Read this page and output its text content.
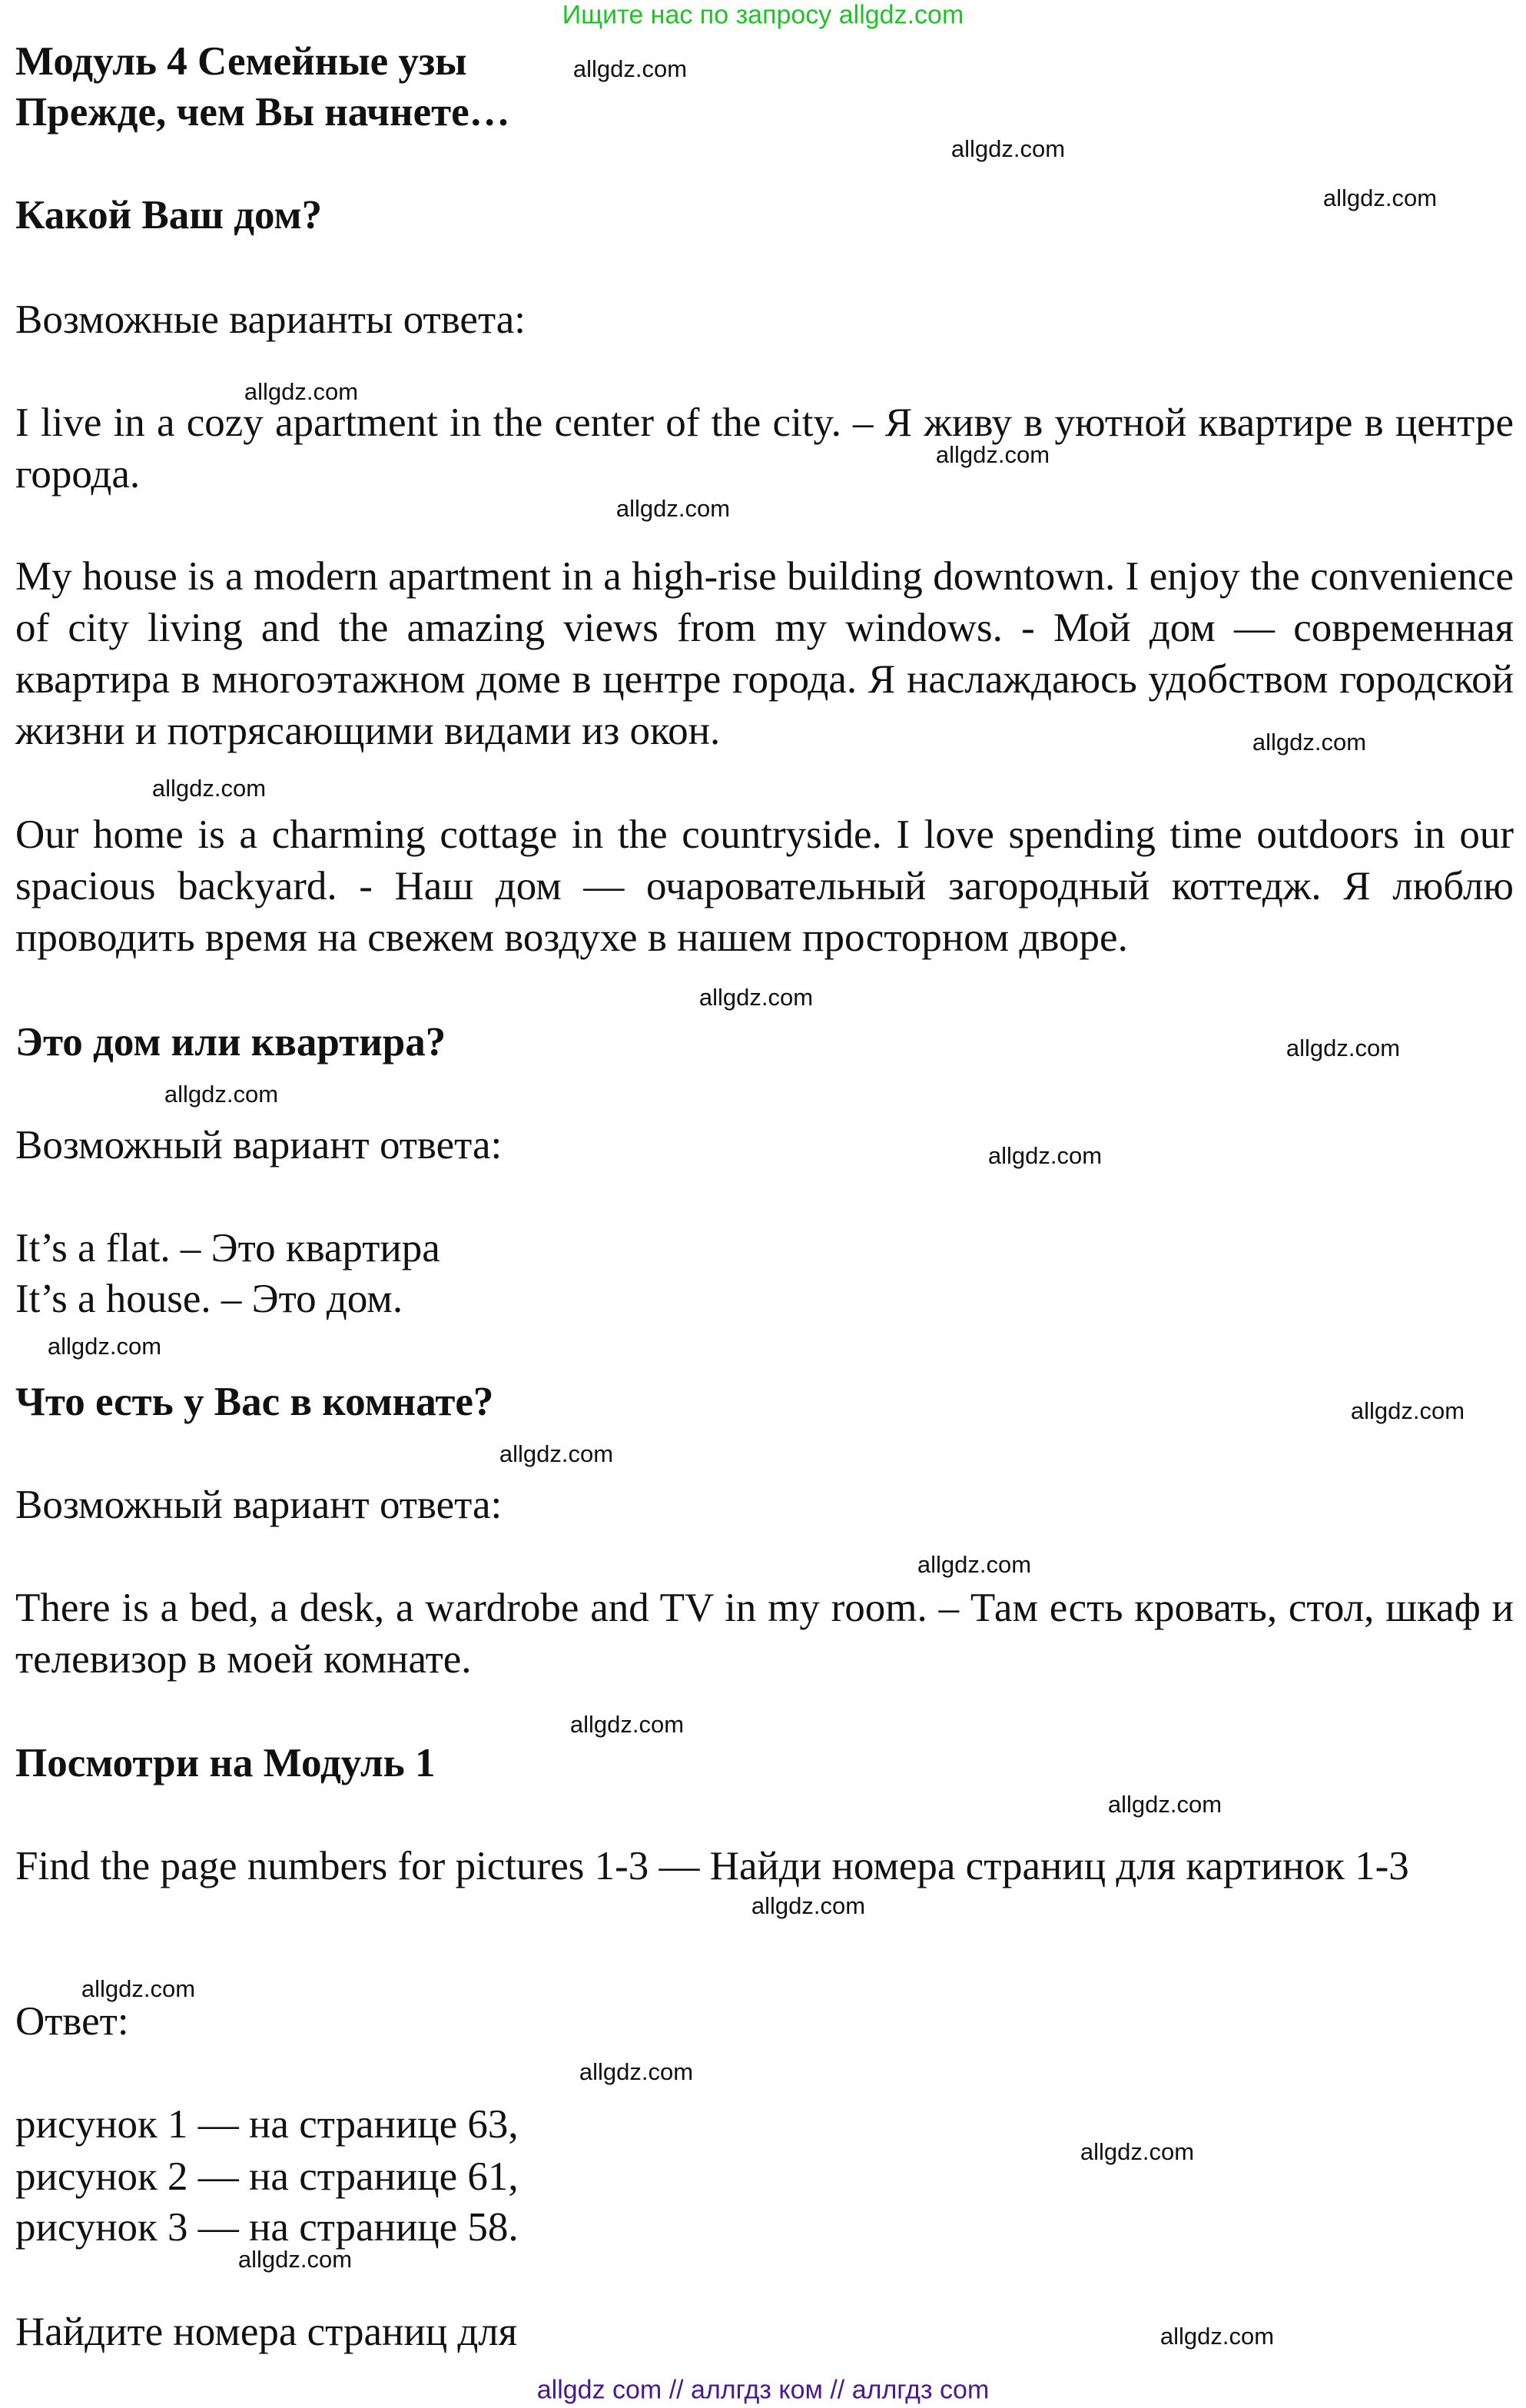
Ищите нас по запросу allgdz.com

Модуль 4 Семейные узы

Прежде, чем Вы начнете…

Какой Ваш дом?

Возможные варианты ответа:

I live in a cozy apartment in the center of the city. – Я живу в уютной квартире в центре города.

My house is a modern apartment in a high-rise building downtown. I enjoy the convenience of city living and the amazing views from my windows. - Мой дом — современная квартира в многоэтажном доме в центре города. Я наслаждаюсь удобством городской жизни и потрясающими видами из окон.

Our home is a charming cottage in the countryside. I love spending time outdoors in our spacious backyard. - Наш дом — очаровательный загородный коттедж. Я люблю проводить время на свежем воздухе в нашем просторном дворе.

Это дом или квартира?

Возможный вариант ответа:

It’s a flat. – Это квартира

It’s a house. – Это дом.

Что есть у Вас в комнате?

Возможный вариант ответа:

There is a bed, a desk, a wardrobe and TV in my room. – Там есть кровать, стол, шкаф и телевизор в моей комнате.

Посмотри на Модуль 1

Find the page numbers for pictures 1-3 — Найди номера страниц для картинок 1-3

Ответ:

рисунок 1 — на странице 63,

рисунок 2 — на странице 61,

рисунок 3 — на странице 58.

Найдите номера страниц для

allgdz.com
allgdz.com
allgdz.com
allgdz.com
allgdz.com
allgdz.com
allgdz.com
allgdz.com
allgdz.com
allgdz.com
allgdz.com
allgdz.com
allgdz.com
allgdz.com
allgdz.com
allgdz.com
allgdz.com
allgdz.com
allgdz.com
allgdz.com
allgdz.com
allgdz.com
allgdz.com
allgdz.com
allgdz com // аллгдз ком // аллгдз com
